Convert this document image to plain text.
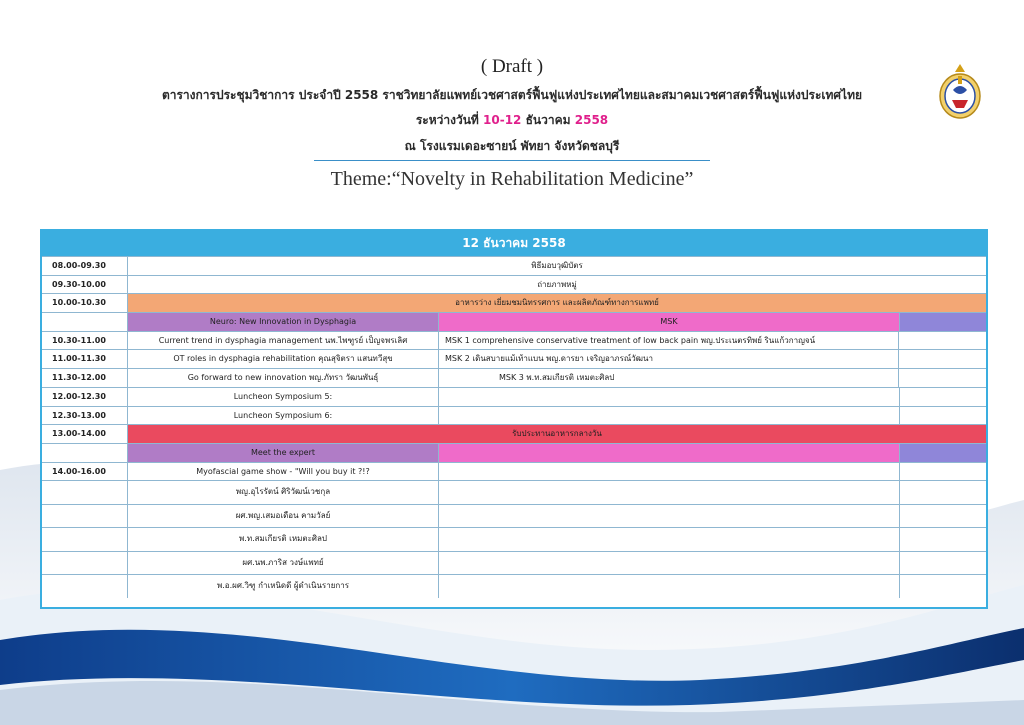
( Draft )
ตารางการประชุมวิชาการ ประจำปี 2558 ราชวิทยาลัยแพทย์เวชศาสตร์ฟื้นฟูแห่งประเทศไทยและสมาคมเวชศาสตร์ฟื้นฟูแห่งประเทศไทย
ระหว่างวันที่ 10-12 ธันวาคม 2558
ณ โรงแรมเดอะซายน์ พัทยา จังหวัดชลบุรี
Theme:“Novelty in Rehabilitation Medicine”
12 ธันวาคม 2558
08.00-09.30	พิธีมอบวุฒิบัตร
09.30-10.00	ถ่ายภาพหมู่
10.00-10.30	อาหารว่าง เยี่ยมชมนิทรรศการ และผลิตภัณฑ์ทางการแพทย์
Neuro: New Innovation in Dysphagia	MSK
10.30-11.00	Current trend in dysphagia management นพ.ไพฑูรย์ เป็ญจพรเลิศ	MSK 1 comprehensive conservative treatment of low back pain พญ.ประเนตรทิพย์ รินแก้วกาญจน์
11.00-11.30	OT roles in dysphagia rehabilitation คุณสุจิตรา แสนทวีสุข	MSK 2 เดินสบายแม้เท้าแบน พญ.ดารยา เจริญอาภรณ์วัฒนา
11.30-12.00	Go forward to new innovation พญ.ภัทรา วัฒนพันธุ์	MSK 3 พ.ท.สมเกียรติ เหมตะศิลป
12.00-12.30	Luncheon Symposium 5:
12.30-13.00	Luncheon Symposium 6:
13.00-14.00	รับประทานอาหารกลางวัน
Meet the expert
14.00-16.00	Myofascial game show - "Will you buy it ?!?
พญ.อุไรรัตน์ ศิริวัฒน์เวชกุล
ผศ.พญ.เสมอเดือน คามวัลย์
พ.ท.สมเกียรติ เหมตะศิลป
ผศ.นพ.ภาริส วงษ์แพทย์
พ.อ.ผศ.วิฑู กำเหนิดดี ผู้ดำเนินรายการ
